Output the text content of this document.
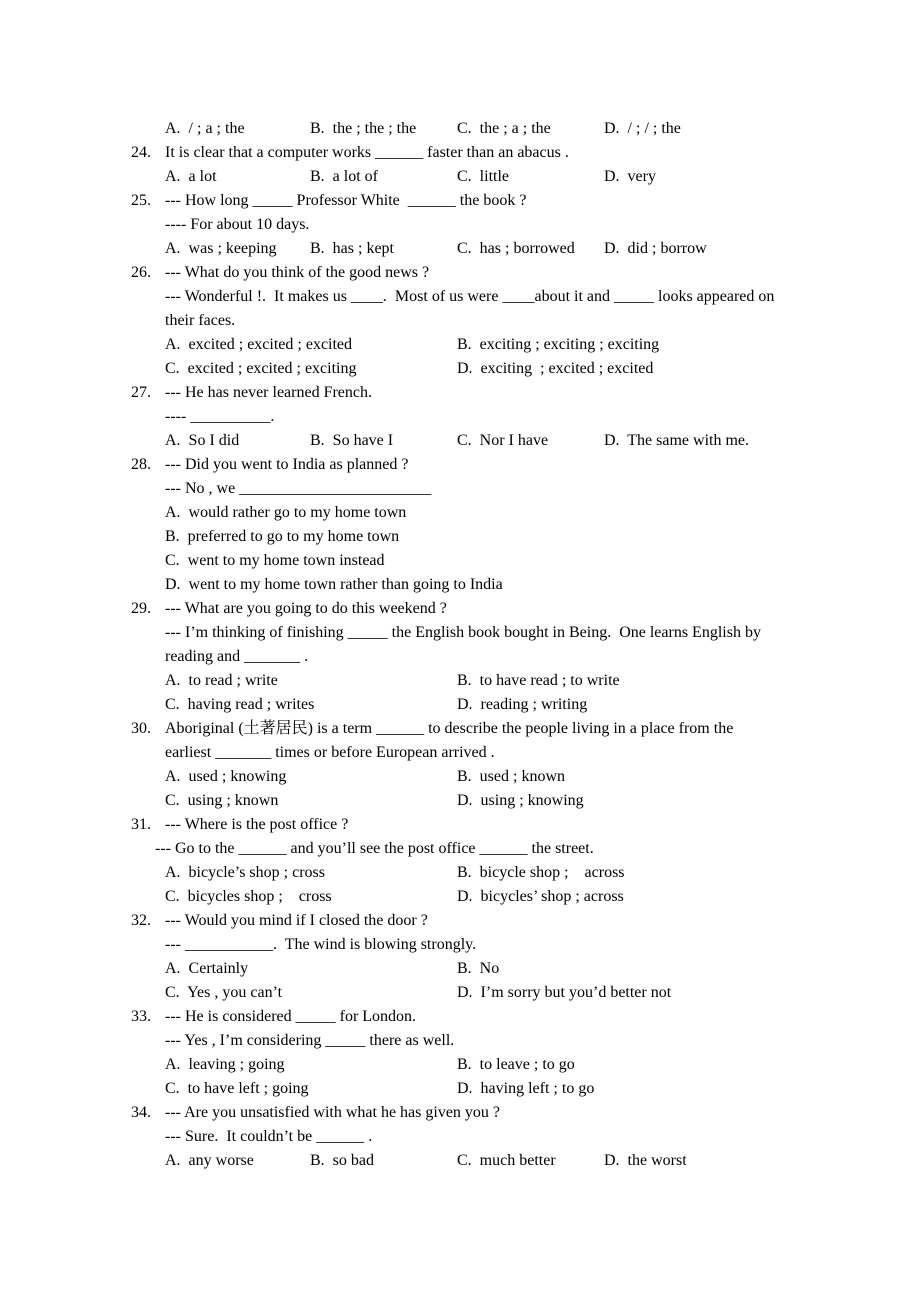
A.  / ; a ; the	B.  the ; the ; the	C.  the ; a ; the	D.  / ; / ; the
24. It is clear that a computer works ______ faster than an abacus .
A.  a lot	B.  a lot of	C.  little	D.  very
25. --- How long _____ Professor White  ______ the book ?
---- For about 10 days.
A.  was ; keeping B.  has ; kept	C.  has ; borrowed D.  did ; borrow
26. --- What do you think of the good news ?
--- Wonderful !.  It makes us ____.  Most of us were ____about it and _____ looks appeared on
their faces.
A.  excited ; excited ; excited	B.  exciting ; exciting ; exciting
C.  excited ; excited ; exciting	D.  exciting  ; excited ; excited
27. --- He has never learned French.
---- __________.
A.  So I did	B.  So have I	C.  Nor I have	D.  The same with me.
28. --- Did you went to India as planned ?
--- No , we ________________________
A.  would rather go to my home town
B.  preferred to go to my home town
C.  went to my home town instead
D.  went to my home town rather than going to India
29. --- What are you going to do this weekend ?
--- I’m thinking of finishing _____ the English book bought in Being.  One learns English by
reading and _______ .
A.  to read ; write	B.  to have read ; to write
C.  having read ; writes	D.  reading ; writing
30. Aboriginal (土著居民) is a term ______ to describe the people living in a place from the
earliest _______ times or before European arrived .
A.  used ; knowing	B.  used ; known
C.  using ; known	D.  using ; knowing
31. --- Where is the post office ?
--- Go to the ______ and you’ll see the post office ______ the street.
A.  bicycle’s shop ; cross	B.  bicycle shop ;    across
C.  bicycles shop ;    cross	D.  bicycles’ shop ; across
32. --- Would you mind if I closed the door ?
--- ___________.  The wind is blowing strongly.
A.  Certainly	B.  No
C.  Yes , you can’t	D.  I’m sorry but you’d better not
33. --- He is considered _____ for London.
--- Yes , I’m considering _____ there as well.
A.  leaving ; going	B.  to leave ; to go
C.  to have left ; going	D.  having left ; to go
34. --- Are you unsatisfied with what he has given you ?
--- Sure.  It couldn’t be ______ .
A.  any worse	B.  so bad	C.  much better	D.  the worst
